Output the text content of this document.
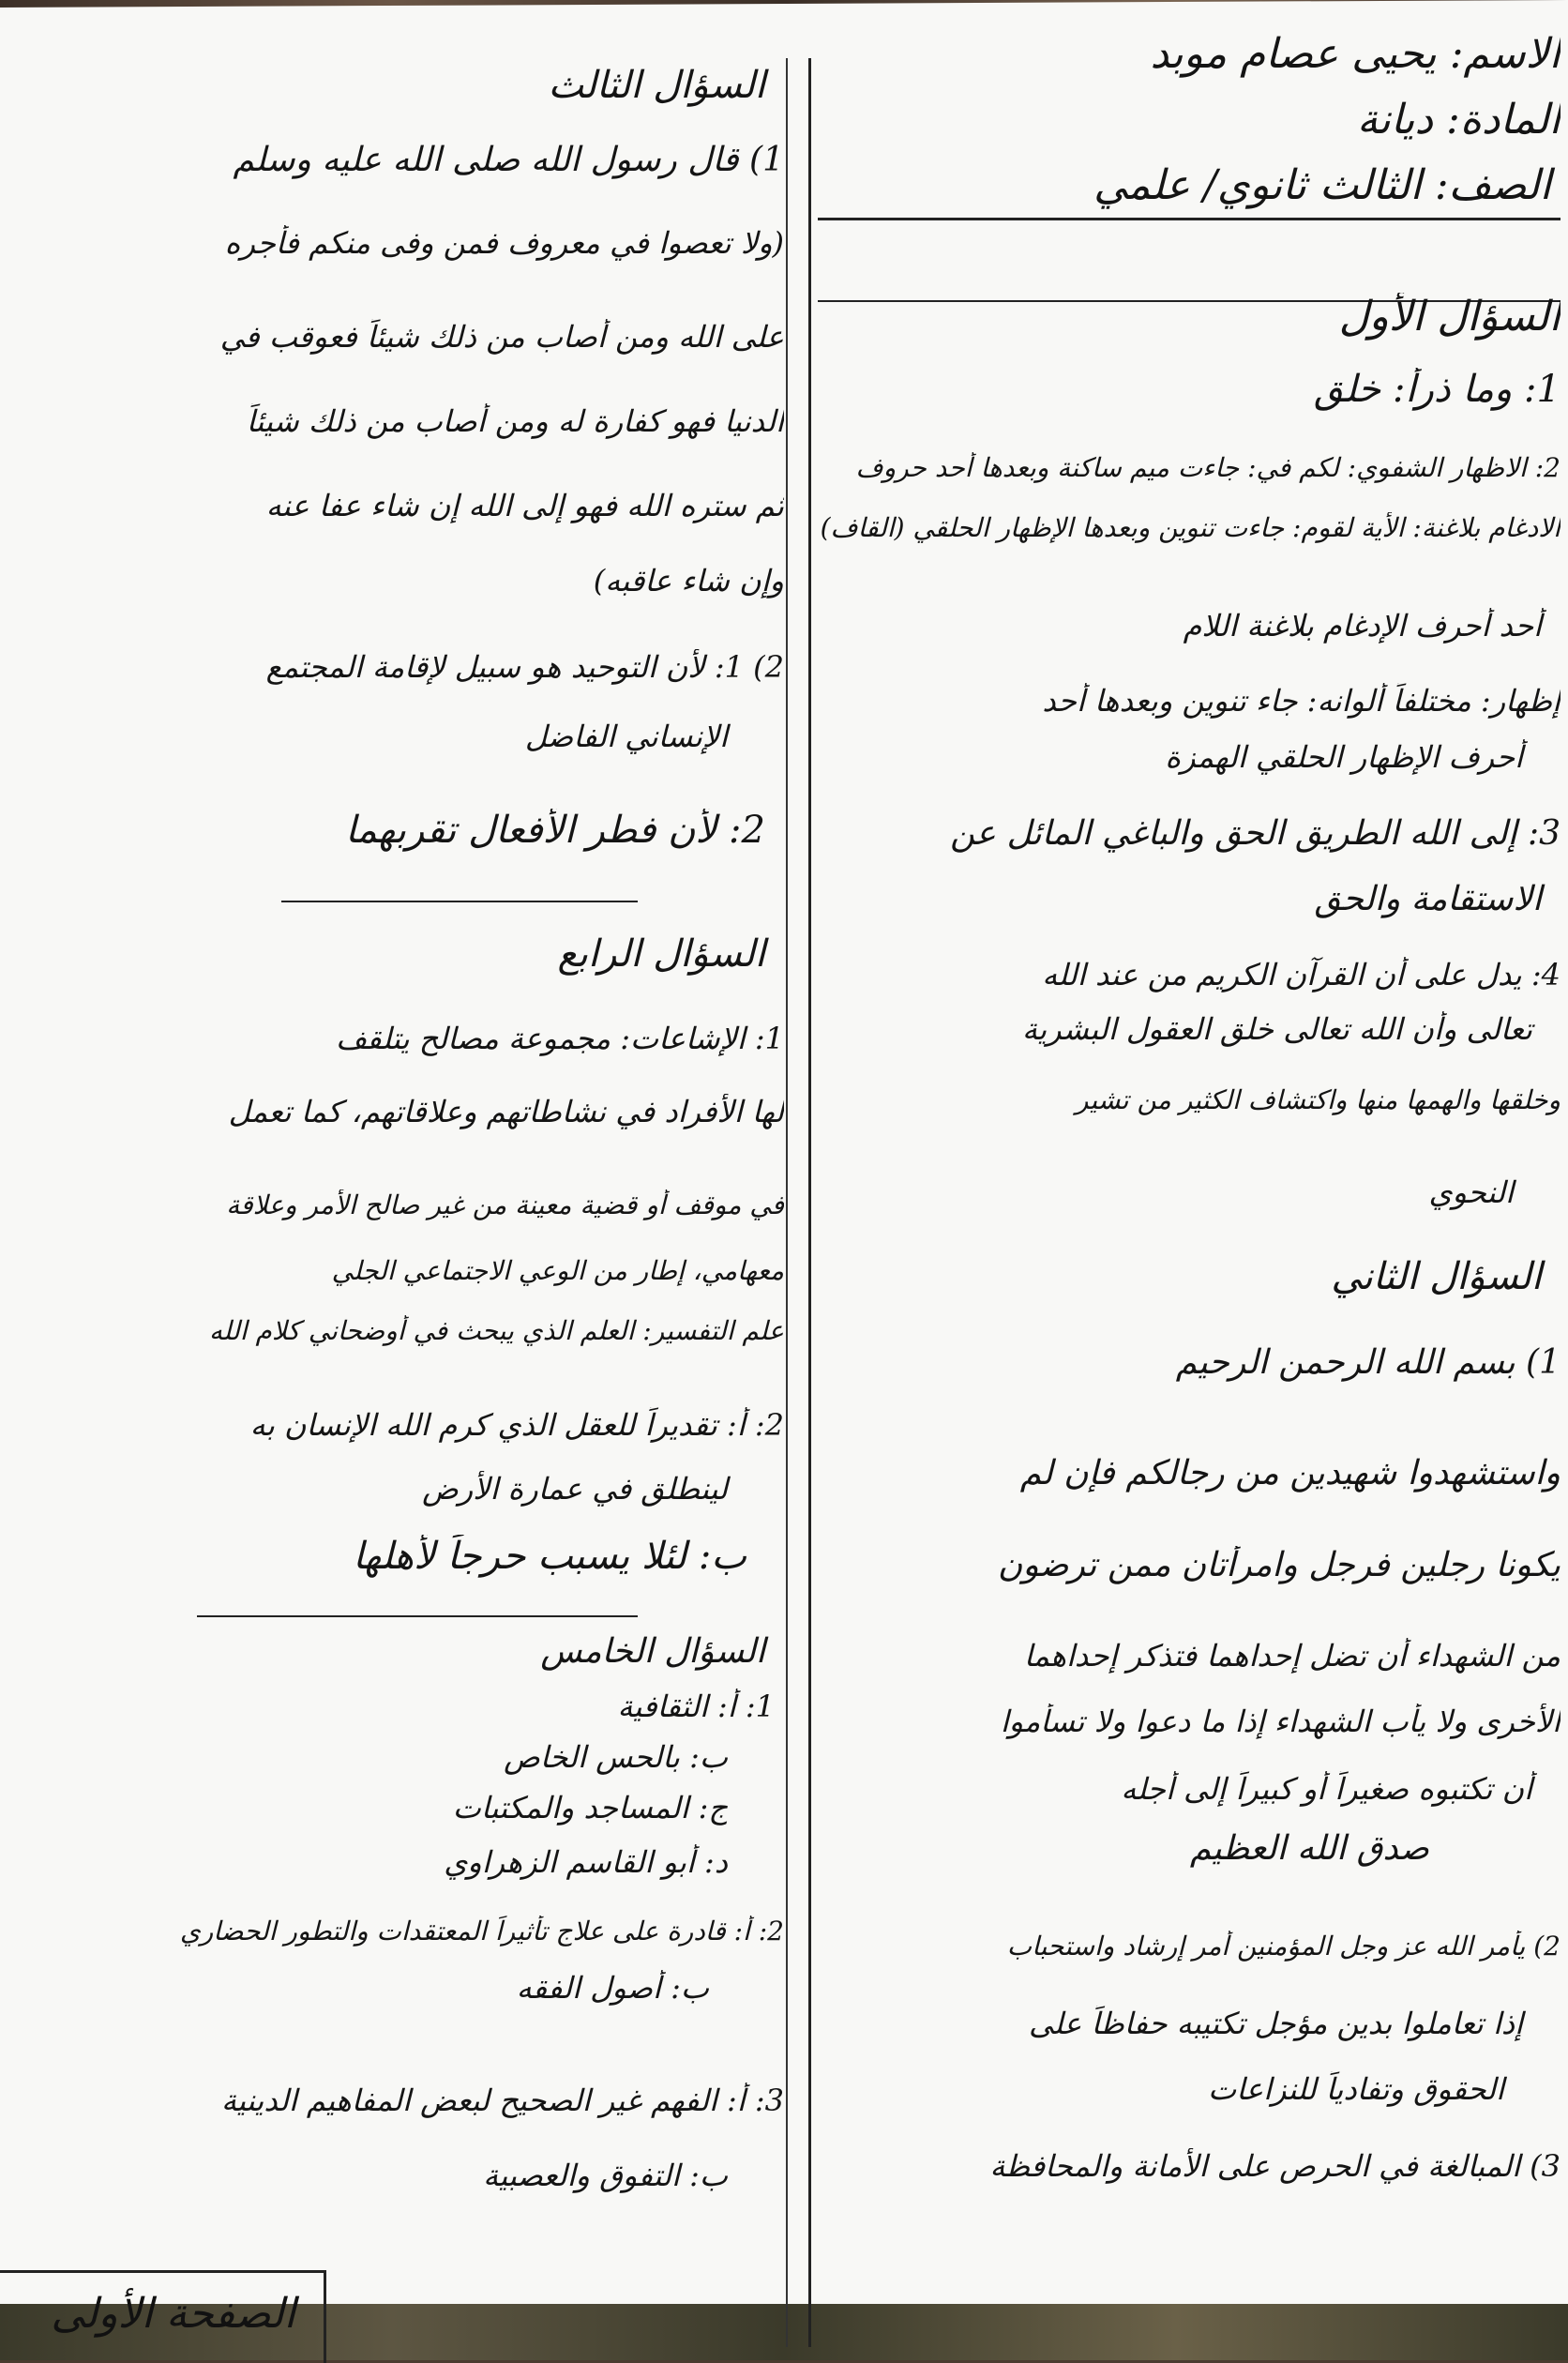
الاسم: يحيى عصام موبد
المادة: ديانة
الصف: الثالث ثانوي/ علمي
السؤال الأول
1: وما ذرأ: خلق
2: الاظهار الشفوي: لكم في: جاءت ميم ساكنة وبعدها أحد حروف
الادغام بلاغنة: الأية لقوم: جاءت تنوين وبعدها الإظهار الحلقي (القاف)
أحد أحرف الإدغام بلاغنة اللام
إظهار: مختلفاً ألوانه: جاء تنوين وبعدها أحد
أحرف الإظهار الحلقي الهمزة
3: إلى الله الطريق الحق والباغي المائل عن
الاستقامة والحق
4: يدل على أن القرآن الكريم من عند الله
تعالى وأن الله تعالى خلق العقول البشرية
وخلقها والهمها منها واكتشاف الكثير من تشير
النحوي
السؤال الثاني
1) بسم الله الرحمن الرحيم
واستشهدوا شهيدين من رجالكم فإن لم
يكونا رجلين فرجل وامرأتان ممن ترضون
من الشهداء أن تضل إحداهما فتذكر إحداهما
الأخرى ولا يأب الشهداء إذا ما دعوا ولا تسأموا
أن تكتبوه صغيراً أو كبيراً إلى أجله
صدق الله العظيم
2) يأمر الله عز وجل المؤمنين أمر إرشاد واستحباب
إذا تعاملوا بدين مؤجل تكتيبه حفاظاً على
الحقوق وتفادياً للنزاعات
3) المبالغة في الحرص على الأمانة والمحافظة
السؤال الثالث
1) قال رسول الله صلى الله عليه وسلم
(ولا تعصوا في معروف فمن وفى منكم فأجره
على الله ومن أصاب من ذلك شيئاً فعوقب في
الدنيا فهو كفارة له ومن أصاب من ذلك شيئاً
ثم ستره الله فهو إلى الله إن شاء عفا عنه
وإن شاء عاقبه)
2) 1: لأن التوحيد هو سبيل لإقامة المجتمع
الإنساني الفاضل
2: لأن فطر الأفعال تقربهما
السؤال الرابع
1: الإشاعات: مجموعة مصالح يتلقف
لها الأفراد في نشاطاتهم وعلاقاتهم، كما تعمل
في موقف أو قضية معينة من غير صالح الأمر وعلاقة
معهامي، إطار من الوعي الاجتماعي الجلي
علم التفسير: العلم الذي يبحث في أوضحاني كلام الله
2: أ: تقديراً للعقل الذي كرم الله الإنسان به
لينطلق في عمارة الأرض
ب: لئلا يسبب حرجاً لأهلها
السؤال الخامس
1: أ: الثقافية
ب: بالحس الخاص
ج: المساجد والمكتبات
د: أبو القاسم الزهراوي
2: أ: قادرة على علاج تأثيراً المعتقدات والتطور الحضاري
ب: أصول الفقه
3: أ: الفهم غير الصحيح لبعض المفاهيم الدينية
ب: التفوق والعصبية
الصفحة الأولى
